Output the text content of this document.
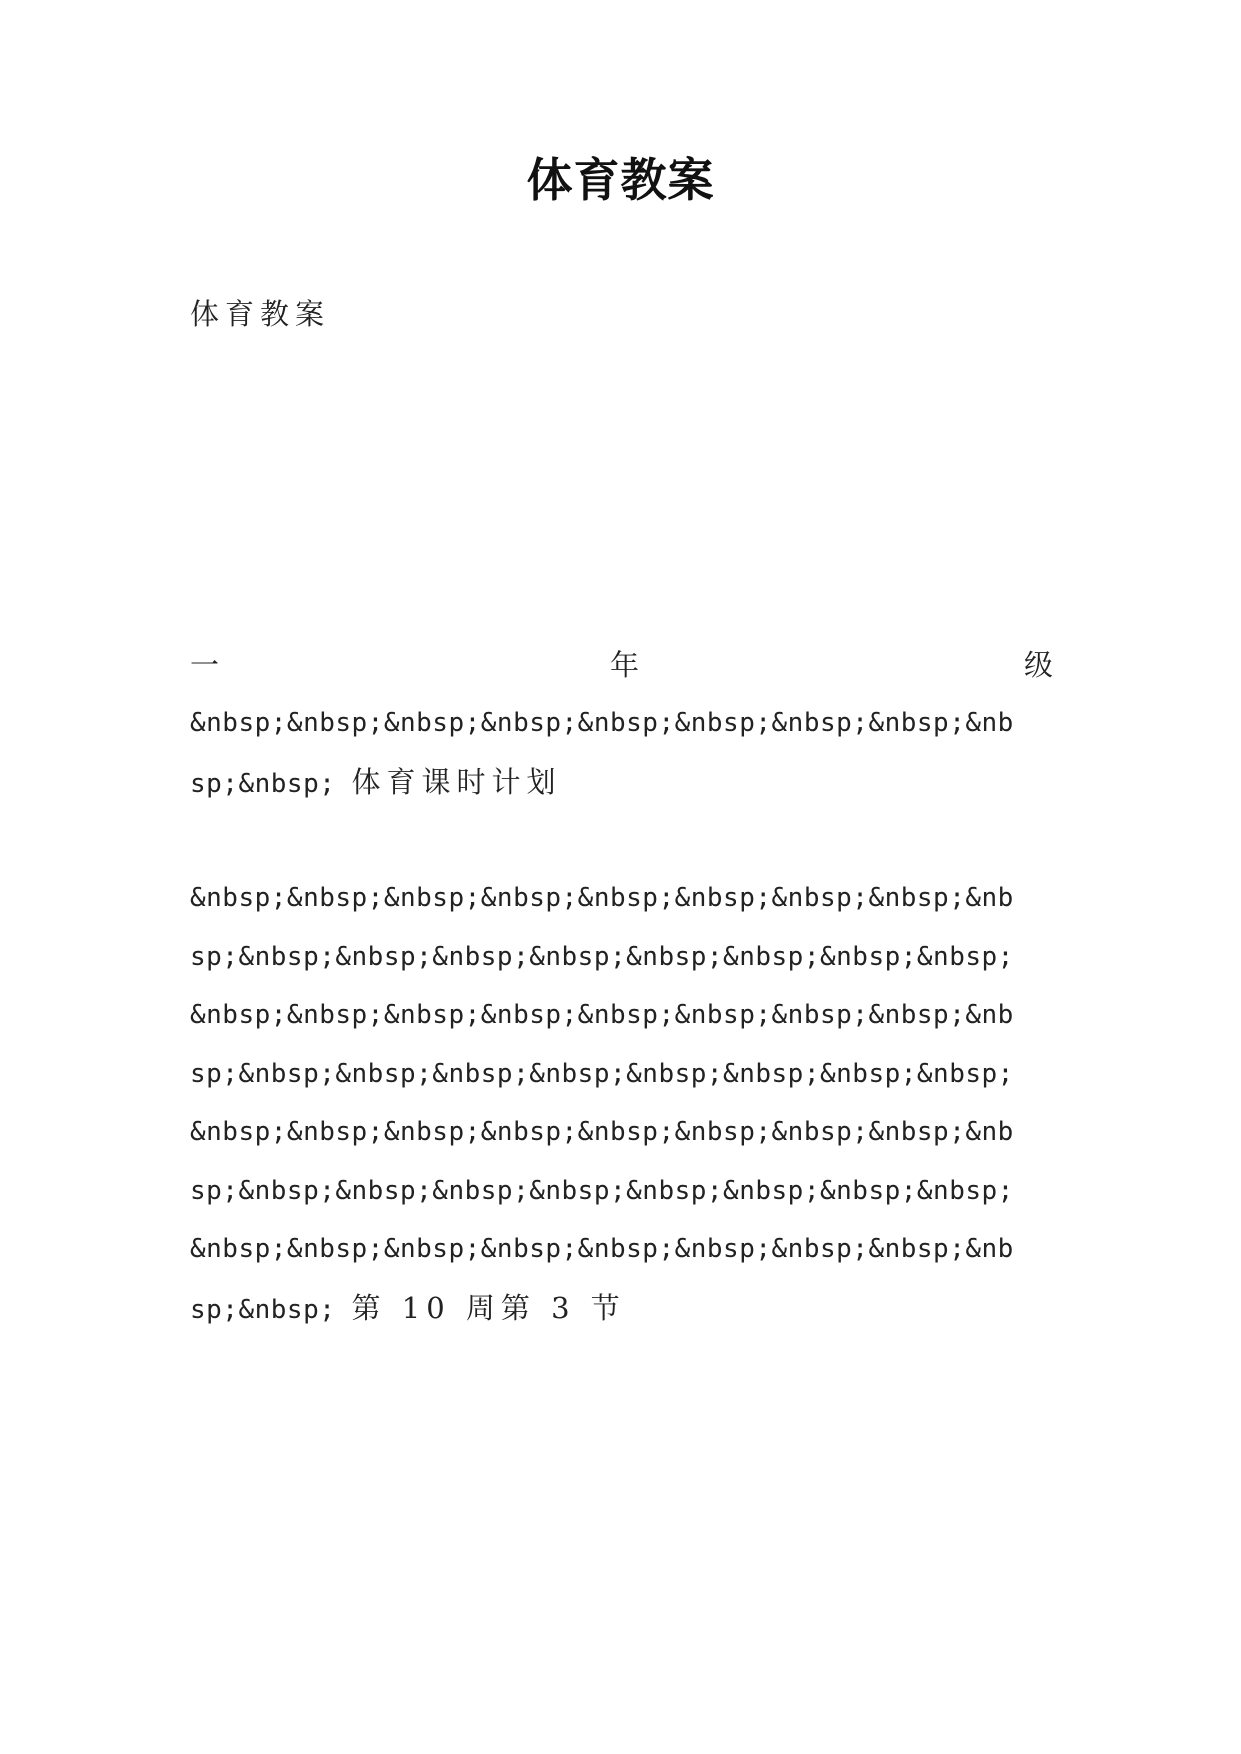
体育教案
体育教案
一	年	级
&nbsp;&nbsp;&nbsp;&nbsp;&nbsp;&nbsp;&nbsp;&nbsp;&nb
sp;&nbsp; 体育课时计划
&nbsp;&nbsp;&nbsp;&nbsp;&nbsp;&nbsp;&nbsp;&nbsp;&nb
sp;&nbsp;&nbsp;&nbsp;&nbsp;&nbsp;&nbsp;&nbsp;&nbsp;
&nbsp;&nbsp;&nbsp;&nbsp;&nbsp;&nbsp;&nbsp;&nbsp;&nb
sp;&nbsp;&nbsp;&nbsp;&nbsp;&nbsp;&nbsp;&nbsp;&nbsp;
&nbsp;&nbsp;&nbsp;&nbsp;&nbsp;&nbsp;&nbsp;&nbsp;&nb
sp;&nbsp;&nbsp;&nbsp;&nbsp;&nbsp;&nbsp;&nbsp;&nbsp;
&nbsp;&nbsp;&nbsp;&nbsp;&nbsp;&nbsp;&nbsp;&nbsp;&nb
sp;&nbsp; 第 10 周第 3 节
